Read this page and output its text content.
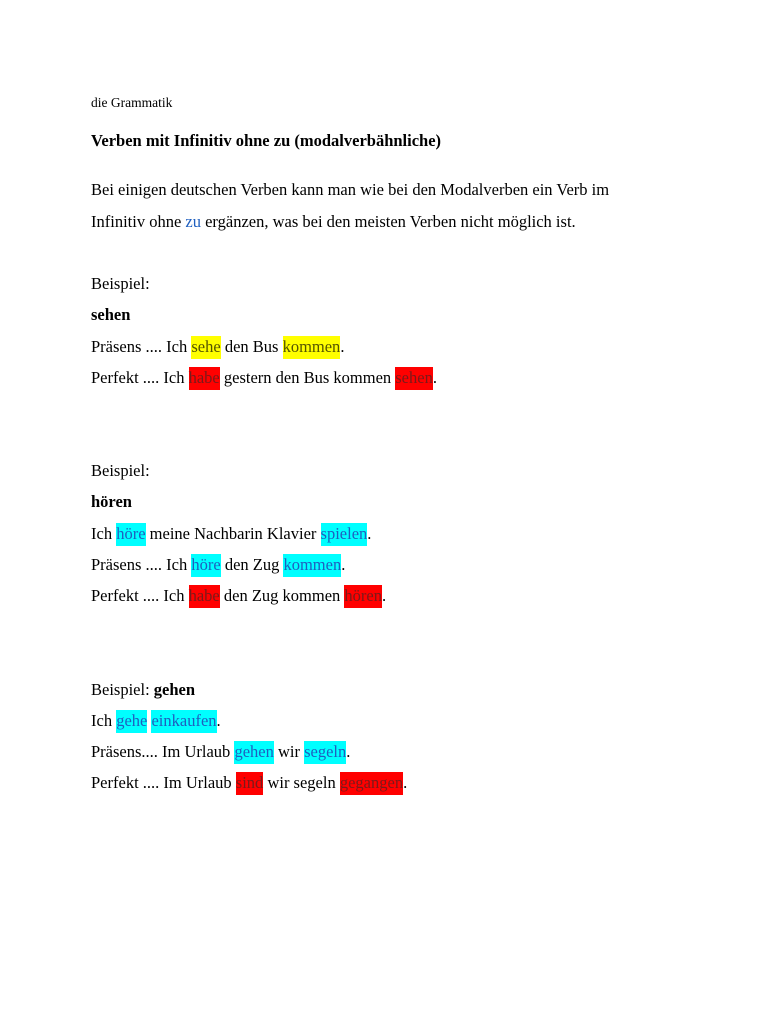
die Grammatik
Verben mit Infinitiv ohne zu (modalverbähnliche)
Bei einigen deutschen Verben kann man wie bei den Modalverben ein Verb im
Infinitiv ohne zu ergänzen, was bei den meisten Verben nicht möglich ist.
Beispiel:
sehen
Präsens .... Ich sehe den Bus kommen.
Perfekt .... Ich habe gestern den Bus kommen sehen.
Beispiel:
hören
Ich höre meine Nachbarin Klavier spielen.
Präsens .... Ich höre den Zug kommen.
Perfekt .... Ich habe den Zug kommen hören.
Beispiel: gehen
Ich gehe einkaufen.
Präsens.... Im Urlaub gehen wir segeln.
Perfekt .... Im Urlaub sind wir segeln gegangen.
